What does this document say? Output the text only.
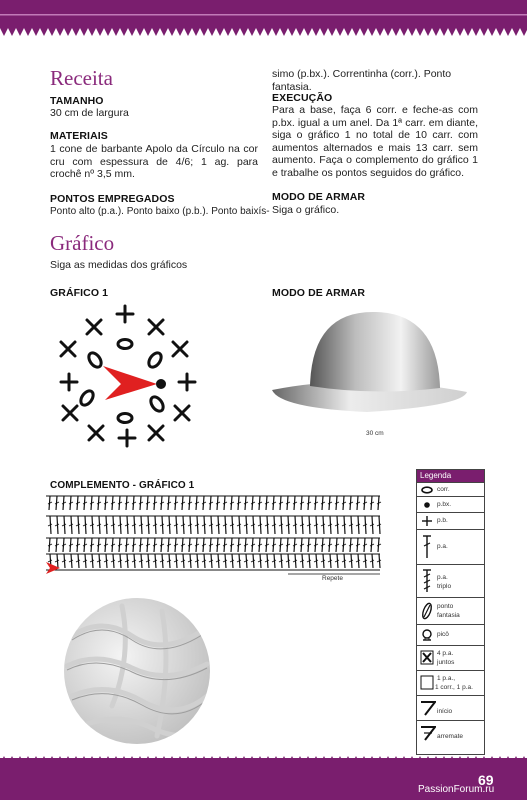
Receita
TAMANHO
30 cm de largura
MATERIAIS
1 cone de barbante Apolo da Círculo na cor cru com espessura de 4/6; 1 ag. para crochê nº 3,5 mm.
PONTOS EMPREGADOS
Ponto alto (p.a.). Ponto baixo (p.b.). Ponto baixís-
simo (p.bx.). Correntinha (corr.). Ponto fantasia.
EXECUÇÃO
Para a base, faça 6 corr. e feche-as com p.bx. igual a um anel. Da 1ª carr. em diante, siga o gráfico 1 no total de 10 carr. com aumentos alternados e mais 13 carr. sem aumento. Faça o complemento do gráfico 1 e trabalhe os pontos seguidos do gráfico.
MODO DE ARMAR
Siga o gráfico.
Gráfico
Siga as medidas dos gráficos
GRÁFICO 1	MODO DE ARMAR
30 cm
COMPLEMENTO - GRÁFICO 1
Repete
Legenda
corr.
p.bx.
p.b.
p.a.
p.a.
triplo
ponto
fantasia
picô
4 p.a.
juntos
1 p.a.,
1 corr., 1 p.a.
início
arremate
69
PassionForum.ru
